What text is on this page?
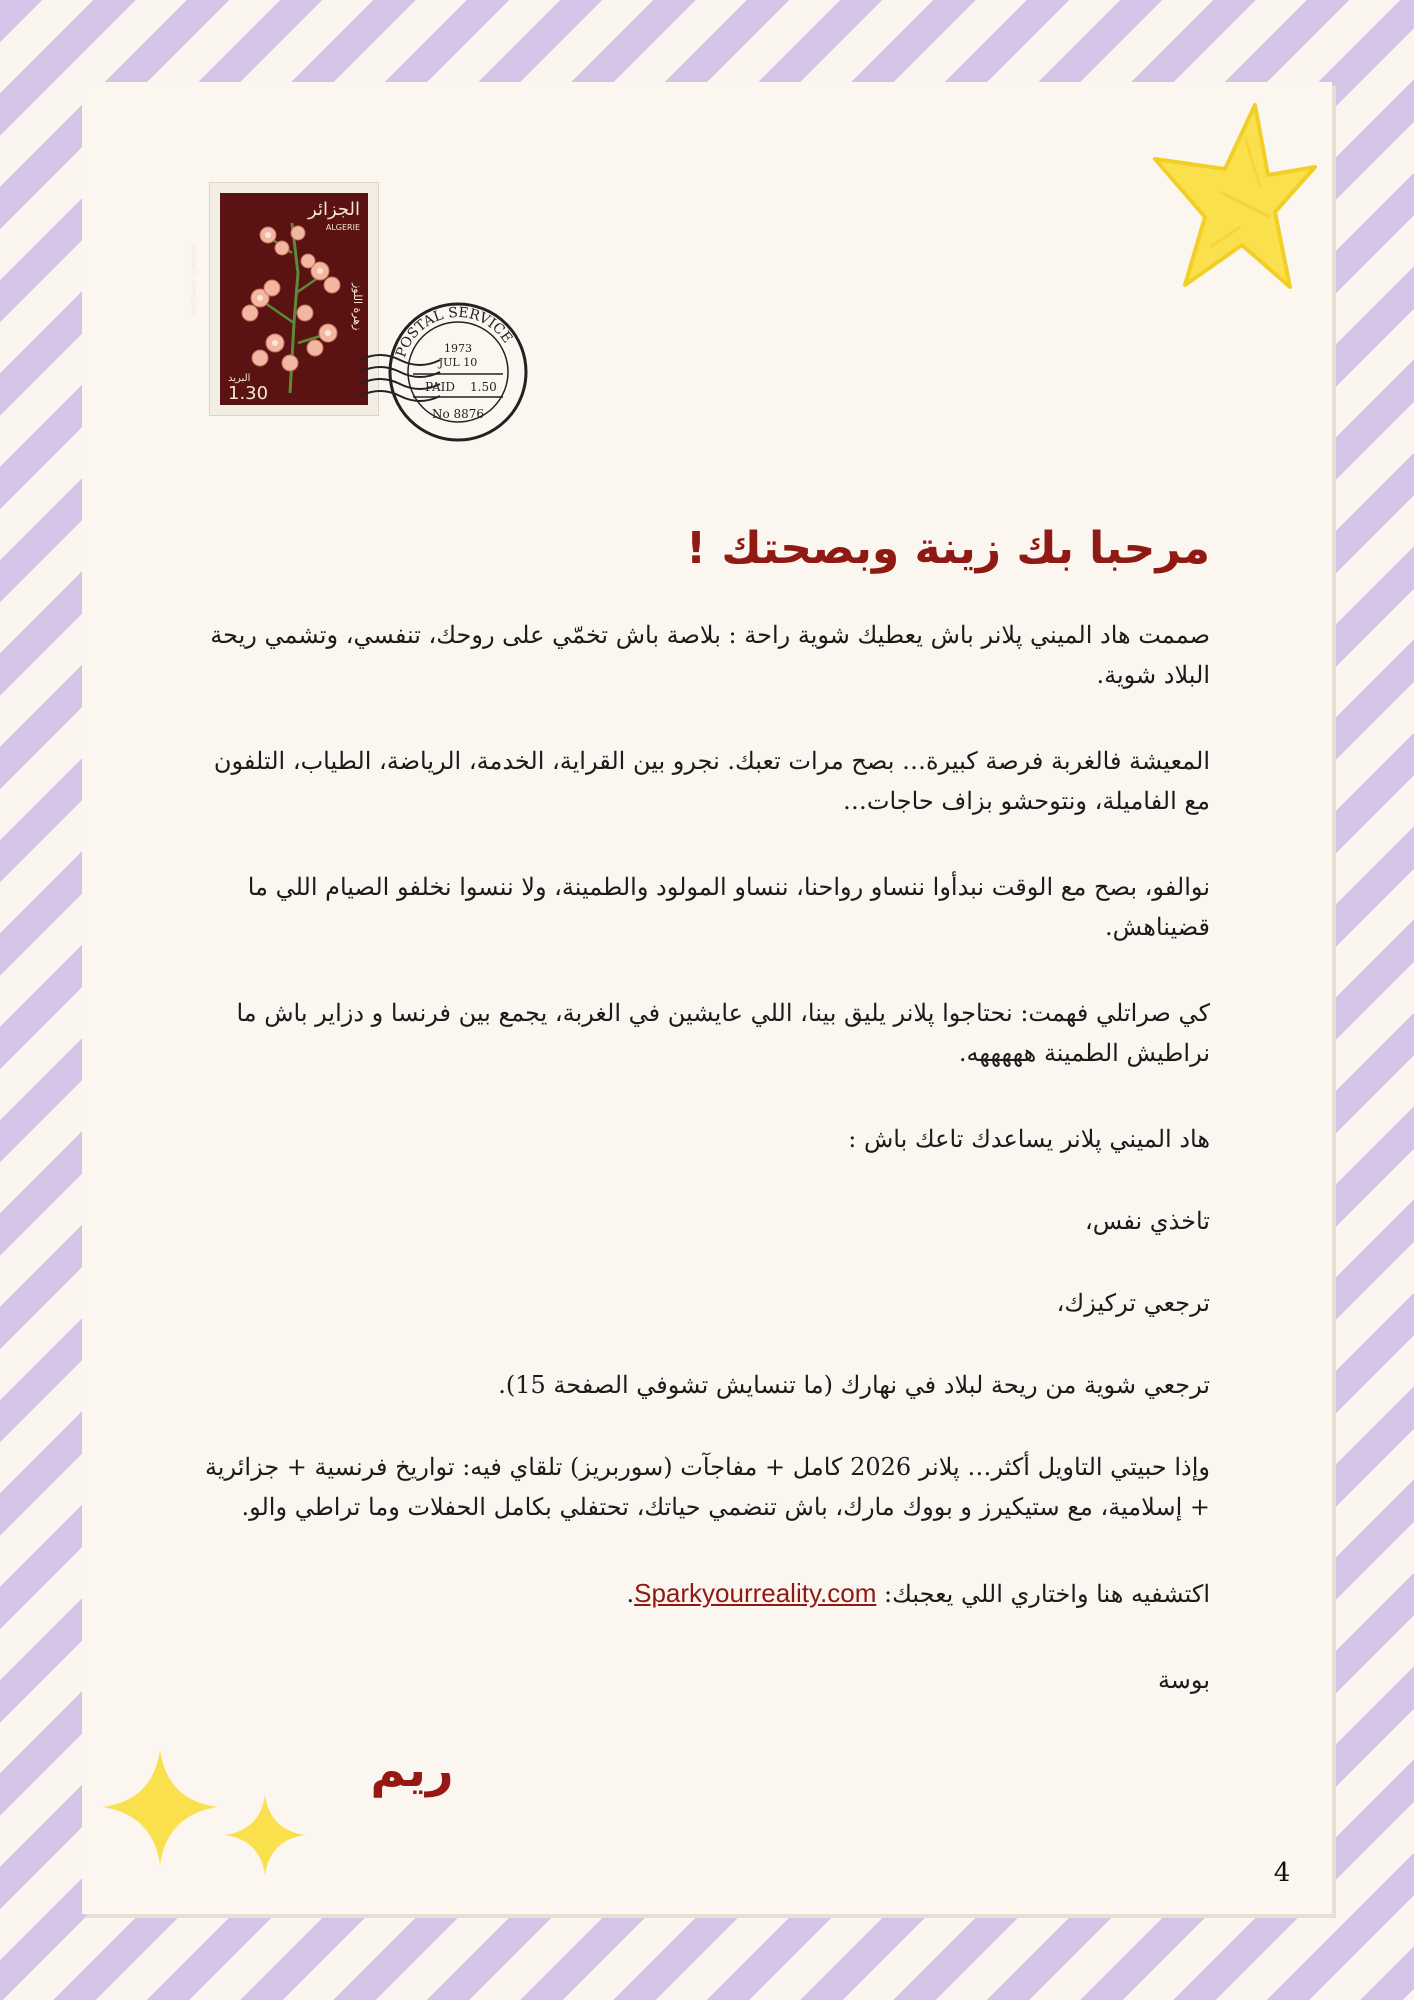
AMYGDALUS COMMUNIS
الجزائر
ALGERIE
زهرة اللوز
البريد
1.30
POSTAL SERVICE
1973
JUL 10
PAID 1.50
No 8876
مرحبا بك زينة وبصحتك !

صممت هاد الميني پلانر باش يعطيك شوية راحة : بلاصة باش تخمّي على روحك، تنفسي، وتشمي ريحة البلاد شوية.

المعيشة فالغربة فرصة كبيرة… بصح مرات تعبك. نجرو بين القراية، الخدمة، الرياضة، الطياب، التلفون مع الفاميلة، ونتوحشو بزاف حاجات…

نوالفو، بصح مع الوقت نبدأوا ننساو رواحنا، ننساو المولود والطمينة، ولا ننسوا نخلفو الصيام اللي ما قضيناهش.

كي صراتلي فهمت: نحتاجوا پلانر يليق بينا، اللي عايشين في الغربة، يجمع بين فرنسا و دزاير باش ما نراطيش الطمينة هههههه.

هاد الميني پلانر يساعدك تاعك باش :

تاخذي نفس،

ترجعي تركيزك،

ترجعي شوية من ريحة لبلاد في نهارك (ما تنسايش تشوفي الصفحة 15).

وإذا حبيتي التاويل أكثر… پلانر 2026 كامل + مفاجآت (سوربريز) تلقاي فيه: تواريخ فرنسية + جزائرية + إسلامية، مع ستيكيرز و بووك مارك، باش تنضمي حياتك، تحتفلي بكامل الحفلات وما تراطي والو.

اكتشفيه هنا واختاري اللي يعجبك: Sparkyourreality.com.

بوسة

ريم
4
